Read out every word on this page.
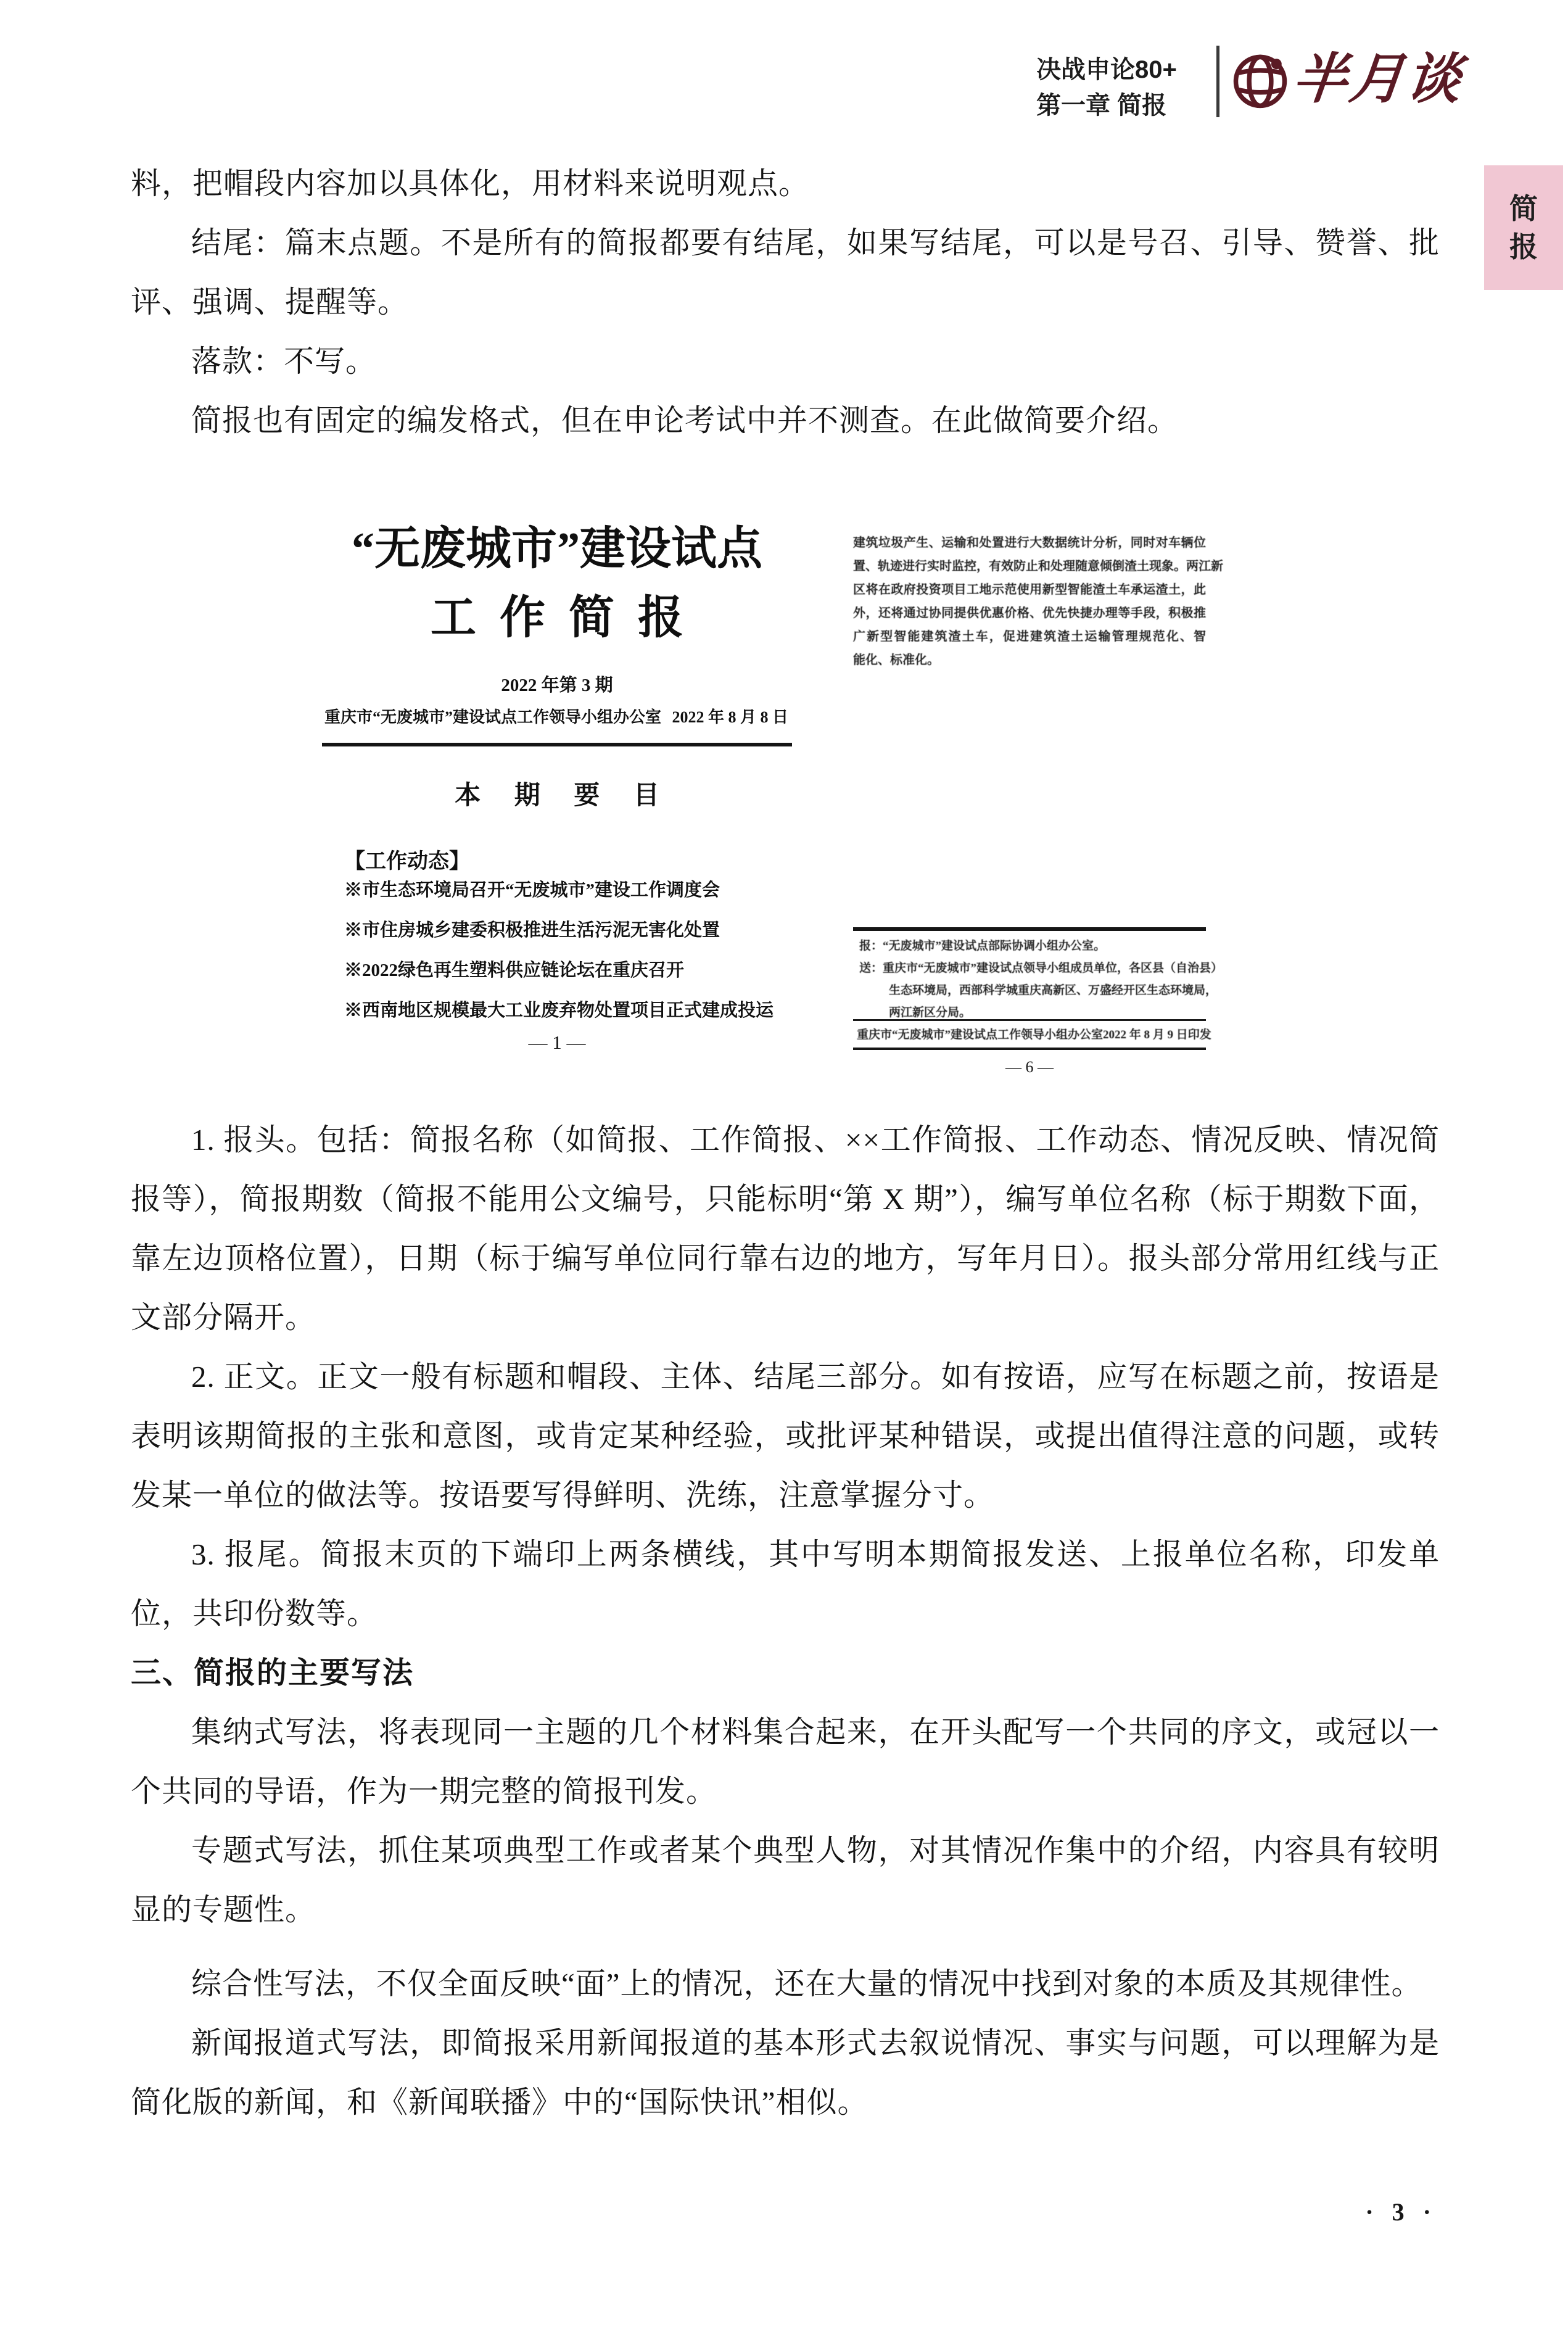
决战申论80+
第一章 简报 半月谈
简
报

料，把帽段内容加以具体化，用材料来说明观点。

结尾：篇末点题。不是所有的简报都要有结尾，如果写结尾，可以是号召、引导、赞誉、批评、强调、提醒等。

落款：不写。

简报也有固定的编发格式，但在申论考试中并不测查。在此做简要介绍。

“无废城市”建设试点
工作简报
2022 年第 3 期
重庆市“无废城市”建设试点工作领导小组办公室 2022 年 8 月 8 日
本 期 要 目
【工作动态】
※市生态环境局召开“无废城市”建设工作调度会
※市住房城乡建委积极推进生活污泥无害化处置
※2022绿色再生塑料供应链论坛在重庆召开
※西南地区规模最大工业废弃物处置项目正式建成投运
— 1 —
建筑垃圾产生、运输和处置进行大数据统计分析，同时对车辆位
置、轨迹进行实时监控，有效防止和处理随意倾倒渣土现象。两江新
区将在政府投资项目工地示范使用新型智能渣土车承运渣土，此
外，还将通过协同提供优惠价格、优先快捷办理等手段，积极推
广新型智能建筑渣土车，促进建筑渣土运输管理规范化、智
能化、标准化。
报：“无废城市”建设试点部际协调小组办公室。
送：重庆市“无废城市”建设试点领导小组成员单位，各区县（自治县）
生态环境局，西部科学城重庆高新区、万盛经开区生态环境局，
两江新区分局。
重庆市“无废城市”建设试点工作领导小组办公室 2022 年 8 月 9 日印发
— 6 —

1. 报头。包括：简报名称（如简报、工作简报、××工作简报、工作动态、情况反映、情况简报等），简报期数（简报不能用公文编号，只能标明“第 X 期”），编写单位名称（标于期数下面，靠左边顶格位置），日期（标于编写单位同行靠右边的地方，写年月日）。报头部分常用红线与正文部分隔开。

2. 正文。正文一般有标题和帽段、主体、结尾三部分。如有按语，应写在标题之前，按语是表明该期简报的主张和意图，或肯定某种经验，或批评某种错误，或提出值得注意的问题，或转发某一单位的做法等。按语要写得鲜明、洗练，注意掌握分寸。

3. 报尾。简报末页的下端印上两条横线，其中写明本期简报发送、上报单位名称，印发单位，共印份数等。

三、简报的主要写法

集纳式写法，将表现同一主题的几个材料集合起来，在开头配写一个共同的序文，或冠以一个共同的导语，作为一期完整的简报刊发。

专题式写法，抓住某项典型工作或者某个典型人物，对其情况作集中的介绍，内容具有较明显的专题性。

综合性写法，不仅全面反映“面”上的情况，还在大量的情况中找到对象的本质及其规律性。

新闻报道式写法，即简报采用新闻报道的基本形式去叙说情况、事实与问题，可以理解为是简化版的新闻，和《新闻联播》中的“国际快讯”相似。

· 3 ·
